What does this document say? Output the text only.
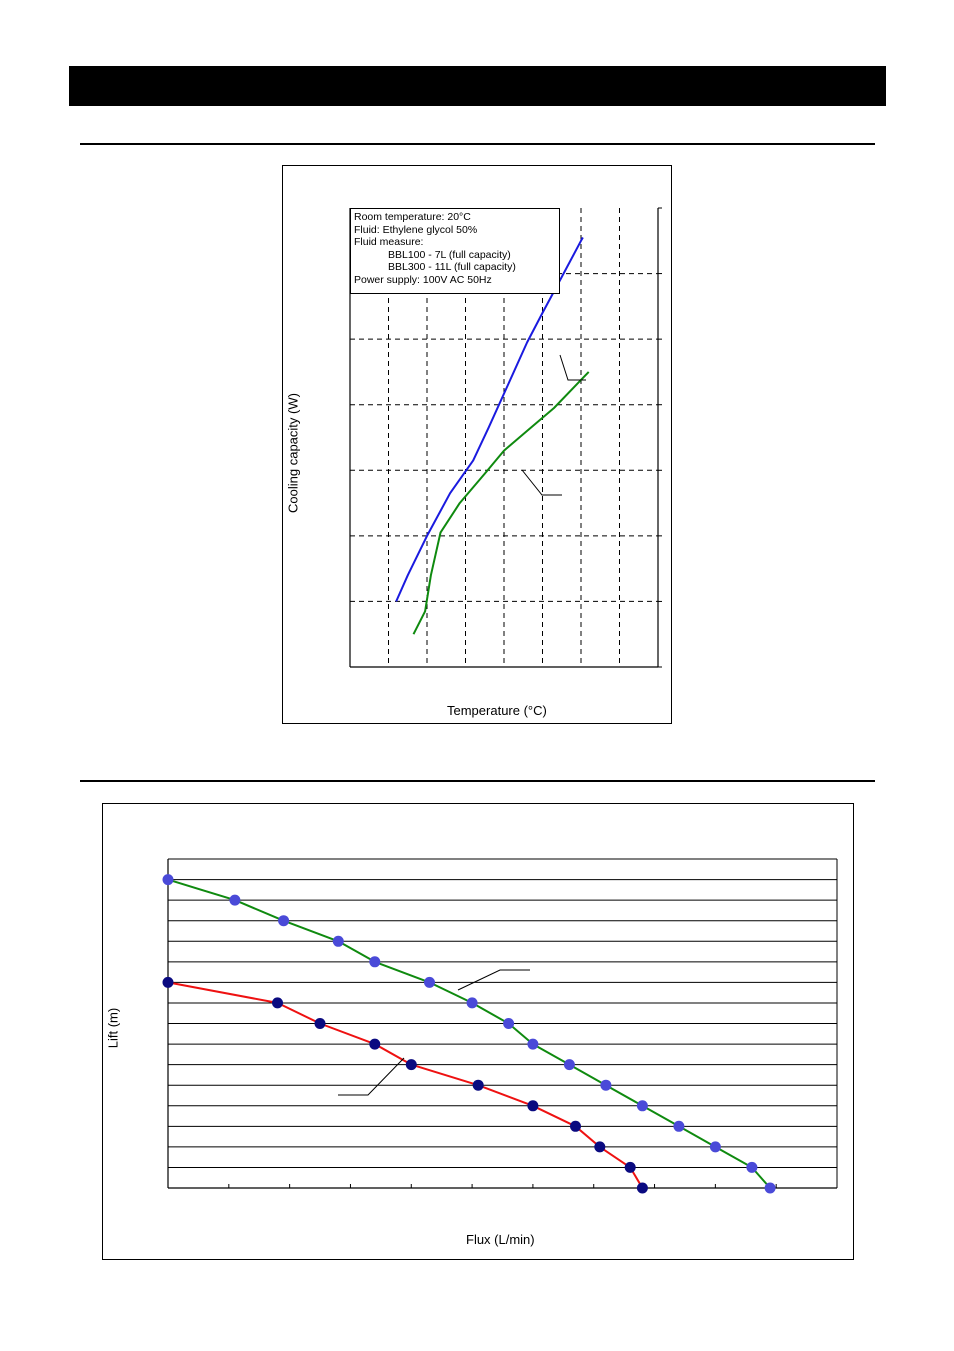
Room temperature: 20°C
Fluid: Ethylene glycol 50%
Fluid measure:
BBL100 - 7L (full capacity)
BBL300 - 11L (full capacity)
Power supply: 100V AC 50Hz
Temperature (°C)
Cooling capacity (W)
Flux (L/min)
Lift (m)
